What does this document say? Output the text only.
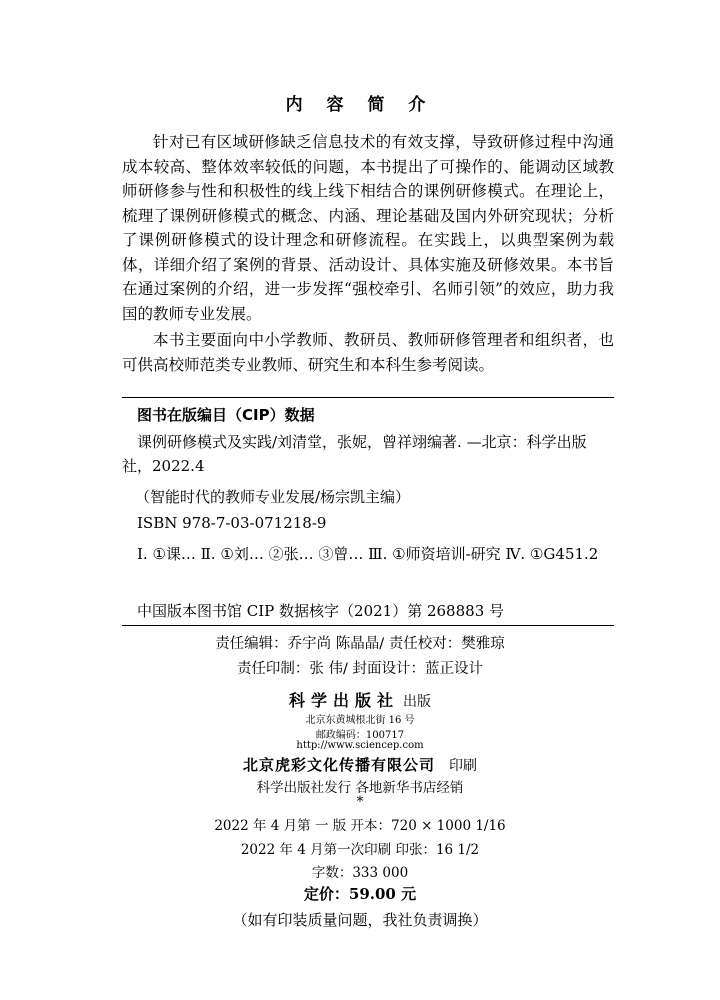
内 容 简 介

针对已有区域研修缺乏信息技术的有效支撑，导致研修过程中沟通成本较高、整体效率较低的问题，本书提出了可操作的、能调动区域教师研修参与性和积极性的线上线下相结合的课例研修模式。在理论上，梳理了课例研修模式的概念、内涵、理论基础及国内外研究现状；分析了课例研修模式的设计理念和研修流程。在实践上，以典型案例为载体，详细介绍了案例的背景、活动设计、具体实施及研修效果。本书旨在通过案例的介绍，进一步发挥“强校牵引、名师引领”的效应，助力我国的教师专业发展。

本书主要面向中小学教师、教研员、教师研修管理者和组织者，也可供高校师范类专业教师、研究生和本科生参考阅读。

图书在版编目（CIP）数据
课例研修模式及实践/刘清堂，张妮，曾祥翊编著. —北京：科学出版社，2022.4
（智能时代的教师专业发展/杨宗凯主编）
ISBN 978-7-03-071218-9
Ⅰ. ①课… Ⅱ. ①刘… ②张… ③曾… Ⅲ. ①师资培训-研究 Ⅳ. ①G451.2
中国版本图书馆 CIP 数据核字（2021）第 268883 号
责任编辑：乔宇尚 陈晶晶/ 责任校对：樊雅琼
责任印制：张 伟/ 封面设计：蓝正设计
科学出版社 出版
北京东黄城根北街 16 号
邮政编码：100717
http://www.sciencep.com
北京虎彩文化传播有限公司 印刷
科学出版社发行 各地新华书店经销
*
2022 年 4 月第 一 版 开本：720 × 1000 1/16
2022 年 4 月第一次印刷 印张：16 1/2
字数：333 000
定价：59.00 元
（如有印装质量问题，我社负责调换）
